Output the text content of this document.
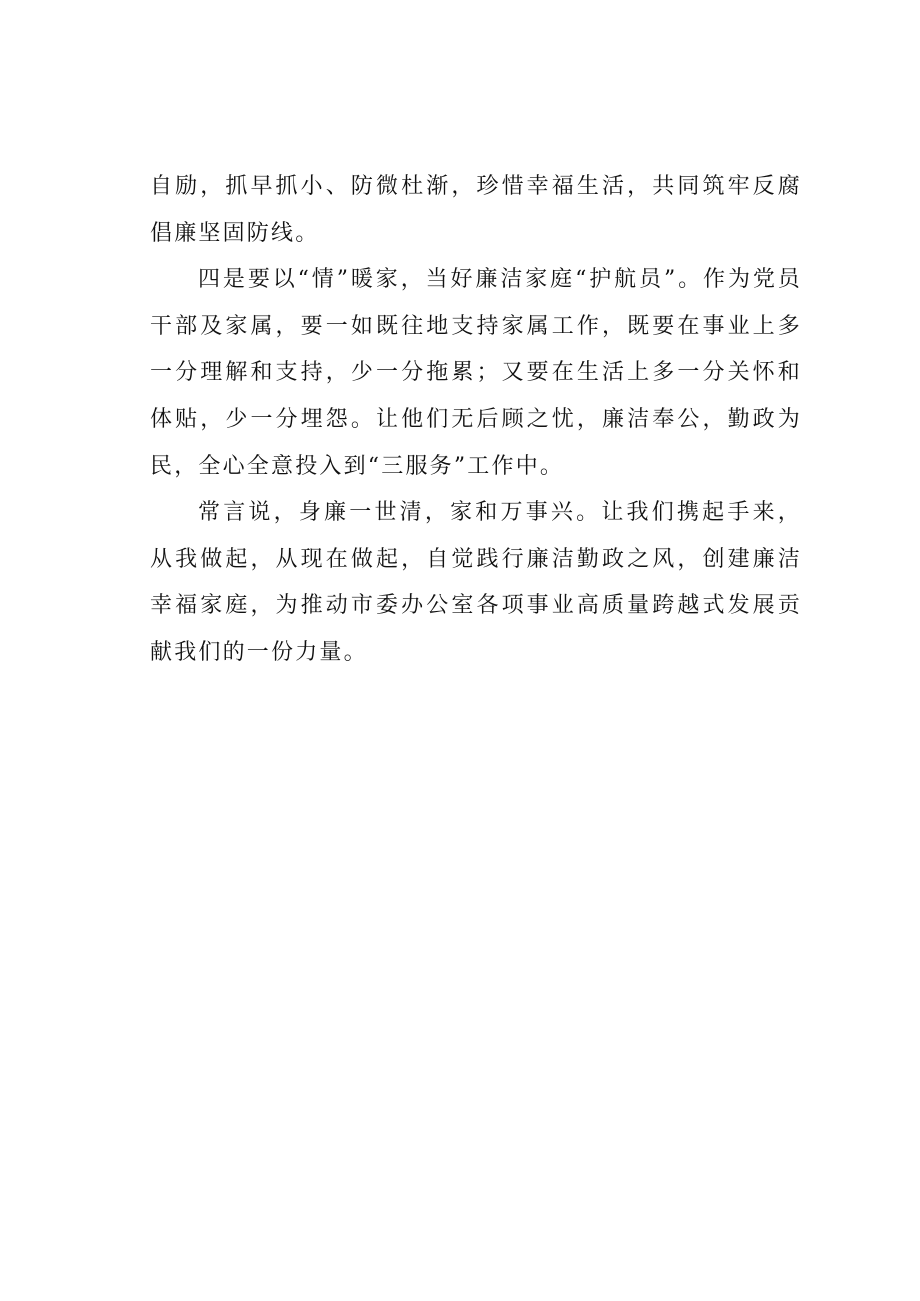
自励，抓早抓小、防微杜渐，珍惜幸福生活，共同筑牢反腐倡廉坚固防线。

四是要以“情”暖家，当好廉洁家庭“护航员”。作为党员干部及家属，要一如既往地支持家属工作，既要在事业上多一分理解和支持，少一分拖累；又要在生活上多一分关怀和体贴，少一分埋怨。让他们无后顾之忧，廉洁奉公，勤政为民，全心全意投入到“三服务”工作中。

常言说，身廉一世清，家和万事兴。让我们携起手来，从我做起，从现在做起，自觉践行廉洁勤政之风，创建廉洁幸福家庭，为推动市委办公室各项事业高质量跨越式发展贡献我们的一份力量。
